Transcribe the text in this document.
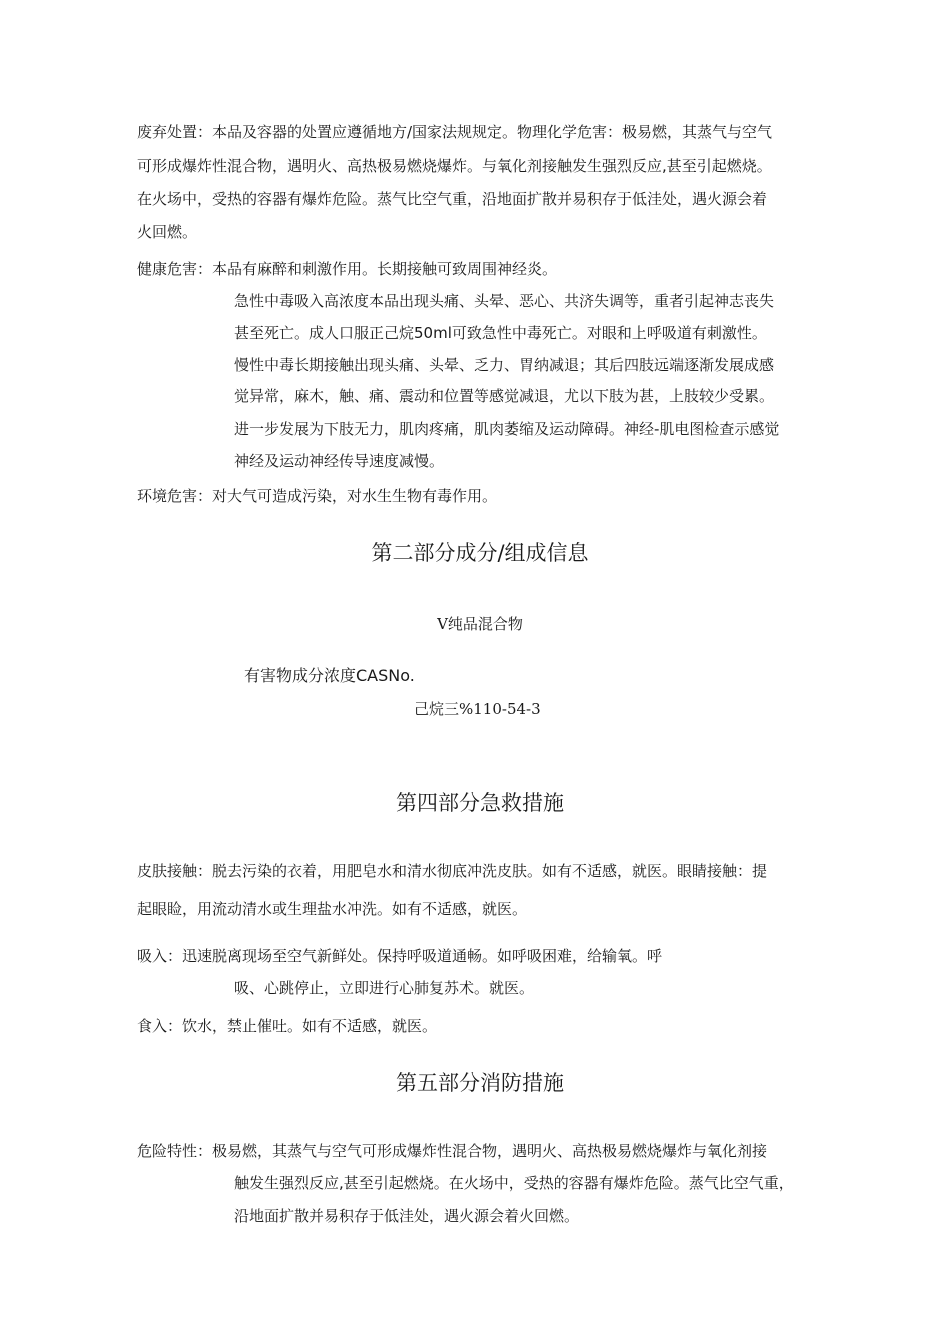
废弃处置：本品及容器的处置应遵循地方/国家法规规定。物理化学危害：极易燃，其蒸气与空气
可形成爆炸性混合物，遇明火、高热极易燃烧爆炸。与氧化剂接触发生强烈反应,甚至引起燃烧。
在火场中，受热的容器有爆炸危险。蒸气比空气重，沿地面扩散并易积存于低洼处，遇火源会着
火回燃。
健康危害：本品有麻醉和刺激作用。长期接触可致周围神经炎。
急性中毒吸入高浓度本品出现头痛、头晕、恶心、共济失调等，重者引起神志丧失
甚至死亡。成人口服正己烷50ml可致急性中毒死亡。对眼和上呼吸道有刺激性。
慢性中毒长期接触出现头痛、头晕、乏力、胃纳减退；其后四肢远端逐渐发展成感
觉异常，麻木，触、痛、震动和位置等感觉减退，尤以下肢为甚，上肢较少受累。
进一步发展为下肢无力，肌肉疼痛，肌肉萎缩及运动障碍。神经-肌电图检查示感觉
神经及运动神经传导速度减慢。
环境危害：对大气可造成污染，对水生生物有毒作用。
第二部分成分/组成信息
V纯品混合物
有害物成分浓度CASNo.
己烷三%110-54-3
第四部分急救措施
皮肤接触：脱去污染的衣着，用肥皂水和清水彻底冲洗皮肤。如有不适感，就医。眼睛接触：提
起眼睑，用流动清水或生理盐水冲洗。如有不适感，就医。
吸入：迅速脱离现场至空气新鲜处。保持呼吸道通畅。如呼吸困难，给输氧。呼
吸、心跳停止，立即进行心肺复苏术。就医。
食入：饮水，禁止催吐。如有不适感，就医。
第五部分消防措施
危险特性：极易燃，其蒸气与空气可形成爆炸性混合物，遇明火、高热极易燃烧爆炸与氧化剂接
触发生强烈反应,甚至引起燃烧。在火场中，受热的容器有爆炸危险。蒸气比空气重，
沿地面扩散并易积存于低洼处，遇火源会着火回燃。
